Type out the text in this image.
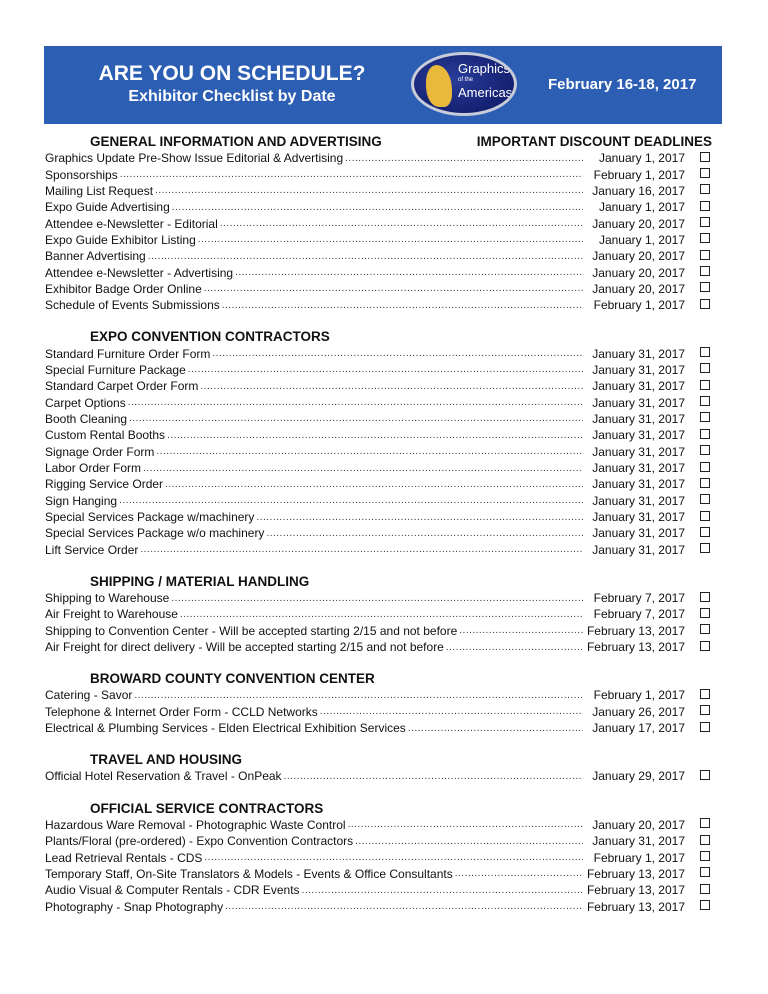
ARE YOU ON SCHEDULE?
Exhibitor Checklist by Date
Graphics
of the
Americas February 16-18, 2017
GENERAL INFORMATION AND ADVERTISING	IMPORTANT DISCOUNT DEADLINES
Graphics Update Pre-Show Issue Editorial & Advertising .....	January 1, 2017
Sponsorships .....	February 1, 2017
Mailing List Request .....	January 16, 2017
Expo Guide Advertising .....	January 1, 2017
Attendee e-Newsletter - Editorial .....	January 20, 2017
Expo Guide Exhibitor Listing .....	January 1, 2017
Banner Advertising .....	January 20, 2017
Attendee e-Newsletter - Advertising .....	January 20, 2017
Exhibitor Badge Order Online .....	January 20, 2017
Schedule of Events Submissions .....	February 1, 2017
EXPO CONVENTION CONTRACTORS
Standard Furniture Order Form .....	January 31, 2017
Special Furniture Package .....	January 31, 2017
Standard Carpet Order Form .....	January 31, 2017
Carpet Options .....	January 31, 2017
Booth Cleaning .....	January 31, 2017
Custom Rental Booths .....	January 31, 2017
Signage Order Form .....	January 31, 2017
Labor Order Form .....	January 31, 2017
Rigging Service Order .....	January 31, 2017
Sign Hanging .....	January 31, 2017
Special Services Package w/machinery .....	January 31, 2017
Special Services Package w/o machinery .....	January 31, 2017
Lift Service Order .....	January 31, 2017
SHIPPING / MATERIAL HANDLING
Shipping to Warehouse .....	February 7, 2017
Air Freight to Warehouse .....	February 7, 2017
Shipping to Convention Center - Will be accepted starting 2/15 and not before .....	February 13, 2017
Air Freight for direct delivery - Will be accepted starting 2/15 and not before .....	February 13, 2017
BROWARD COUNTY CONVENTION CENTER
Catering - Savor .....	February 1, 2017
Telephone & Internet Order Form - CCLD Networks .....	January 26, 2017
Electrical & Plumbing Services - Elden Electrical Exhibition Services .....	January 17, 2017
TRAVEL AND HOUSING
Official Hotel Reservation & Travel - OnPeak .....	January 29, 2017
OFFICIAL SERVICE CONTRACTORS
Hazardous Ware Removal - Photographic Waste Control .....	January 20, 2017
Plants/Floral (pre-ordered) - Expo Convention Contractors .....	January 31, 2017
Lead Retrieval Rentals - CDS .....	February 1, 2017
Temporary Staff, On-Site Translators & Models - Events & Office Consultants .....	February 13, 2017
Audio Visual & Computer Rentals - CDR Events .....	February 13, 2017
Photography - Snap Photography .....	February 13, 2017
